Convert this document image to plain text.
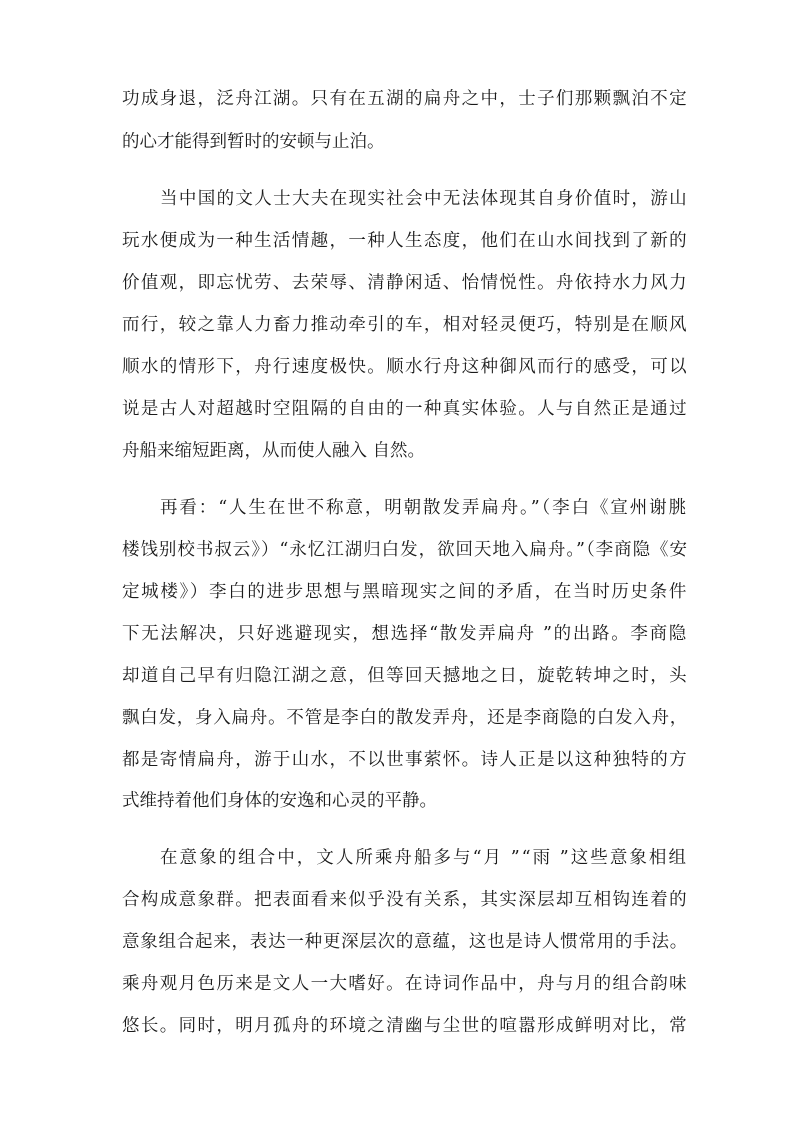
功成身退，泛舟江湖。只有在五湖的扁舟之中，士子们那颗飘泊不定
的心才能得到暂时的安顿与止泊。
当中国的文人士大夫在现实社会中无法体现其自身价值时，游山
玩水便成为一种生活情趣，一种人生态度，他们在山水间找到了新的
价值观，即忘忧劳、去荣辱、清静闲适、怡情悦性。舟依持水力风力
而行，较之靠人力畜力推动牵引的车，相对轻灵便巧，特别是在顺风
顺水的情形下，舟行速度极快。顺水行舟这种御风而行的感受，可以
说是古人对超越时空阻隔的自由的一种真实体验。人与自然正是通过
舟船来缩短距离，从而使人融入 自然。
再看：“人生在世不称意，明朝散发弄扁舟。”（李白《宣州谢朓
楼饯别校书叔云》）“永忆江湖归白发，欲回天地入扁舟。”（李商隐《安
定城楼》）李白的进步思想与黑暗现实之间的矛盾，在当时历史条件
下无法解决，只好逃避现实，想选择“散发弄扁舟 ”的出路。李商隐
却道自己早有归隐江湖之意，但等回天撼地之日，旋乾转坤之时，头
飘白发，身入扁舟。不管是李白的散发弄舟，还是李商隐的白发入舟，
都是寄情扁舟，游于山水，不以世事萦怀。诗人正是以这种独特的方
式维持着他们身体的安逸和心灵的平静。
在意象的组合中，文人所乘舟船多与“月 ”“雨 ”这些意象相组
合构成意象群。把表面看来似乎没有关系，其实深层却互相钩连着的
意象组合起来，表达一种更深层次的意蕴，这也是诗人惯常用的手法。
乘舟观月色历来是文人一大嗜好。在诗词作品中，舟与月的组合韵味
悠长。同时，明月孤舟的环境之清幽与尘世的喧嚣形成鲜明对比，常
